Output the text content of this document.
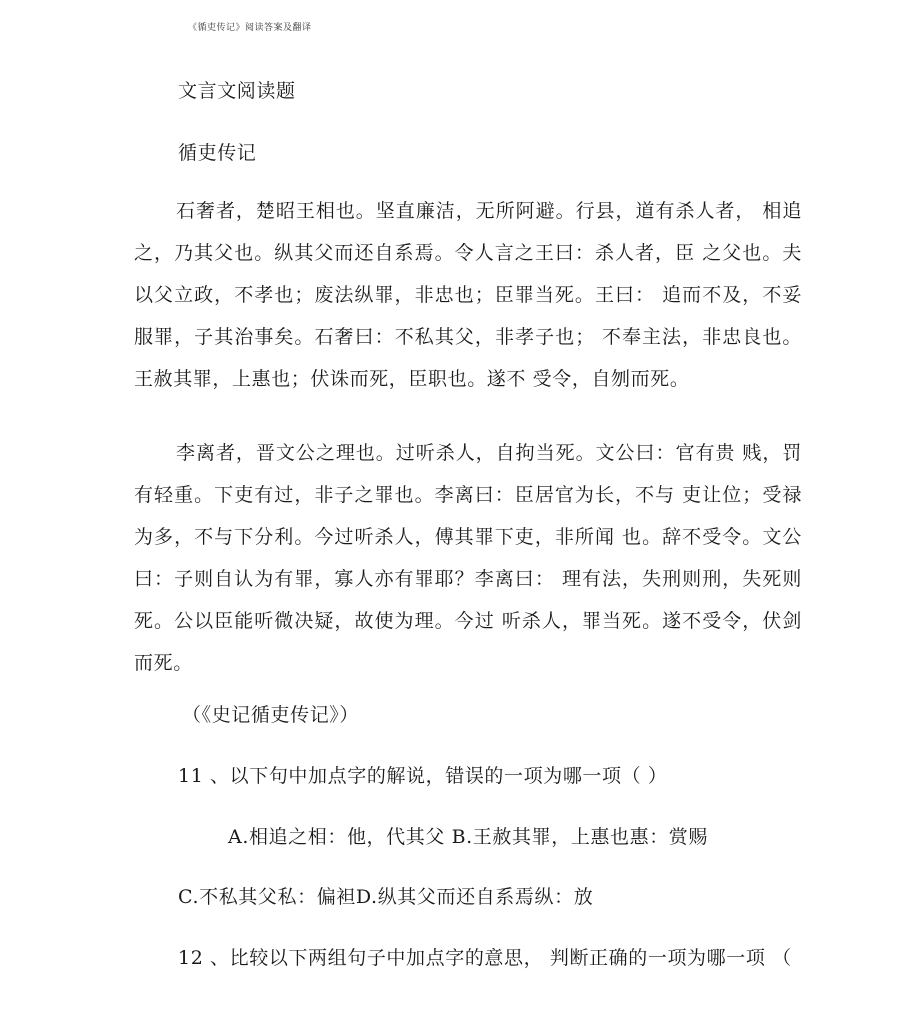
《循吏传记》阅读答案及翻译
文言文阅读题
循吏传记
石奢者，楚昭王相也。坚直廉洁，无所阿避。行县，道有杀人者， 相追之，乃其父也。纵其父而还自系焉。令人言之王曰：杀人者，臣 之父也。夫以父立政，不孝也；废法纵罪，非忠也；臣罪当死。王曰： 追而不及，不妥服罪，子其治事矣。石奢曰：不私其父，非孝子也； 不奉主法，非忠良也。王赦其罪，上惠也；伏诛而死，臣职也。遂不 受令，自刎而死。
李离者，晋文公之理也。过听杀人，自拘当死。文公曰：官有贵 贱，罚有轻重。下吏有过，非子之罪也。李离曰：臣居官为长，不与 吏让位；受禄为多，不与下分利。今过听杀人，傅其罪下吏，非所闻 也。辞不受令。文公曰：子则自认为有罪，寡人亦有罪耶？李离曰： 理有法，失刑则刑，失死则死。公以臣能听微决疑，故使为理。今过 听杀人，罪当死。遂不受令，伏剑而死。
（《史记循吏传记》）
11 、以下句中加点字的解说，错误的一项为哪一项（ ）
A.相追之相：他，代其父 B.王赦其罪，上惠也惠：赏赐
C.不私其父私：偏袒D.纵其父而还自系焉纵：放
12 、比较以下两组句子中加点字的意思， 判断正确的一项为哪一项 （
